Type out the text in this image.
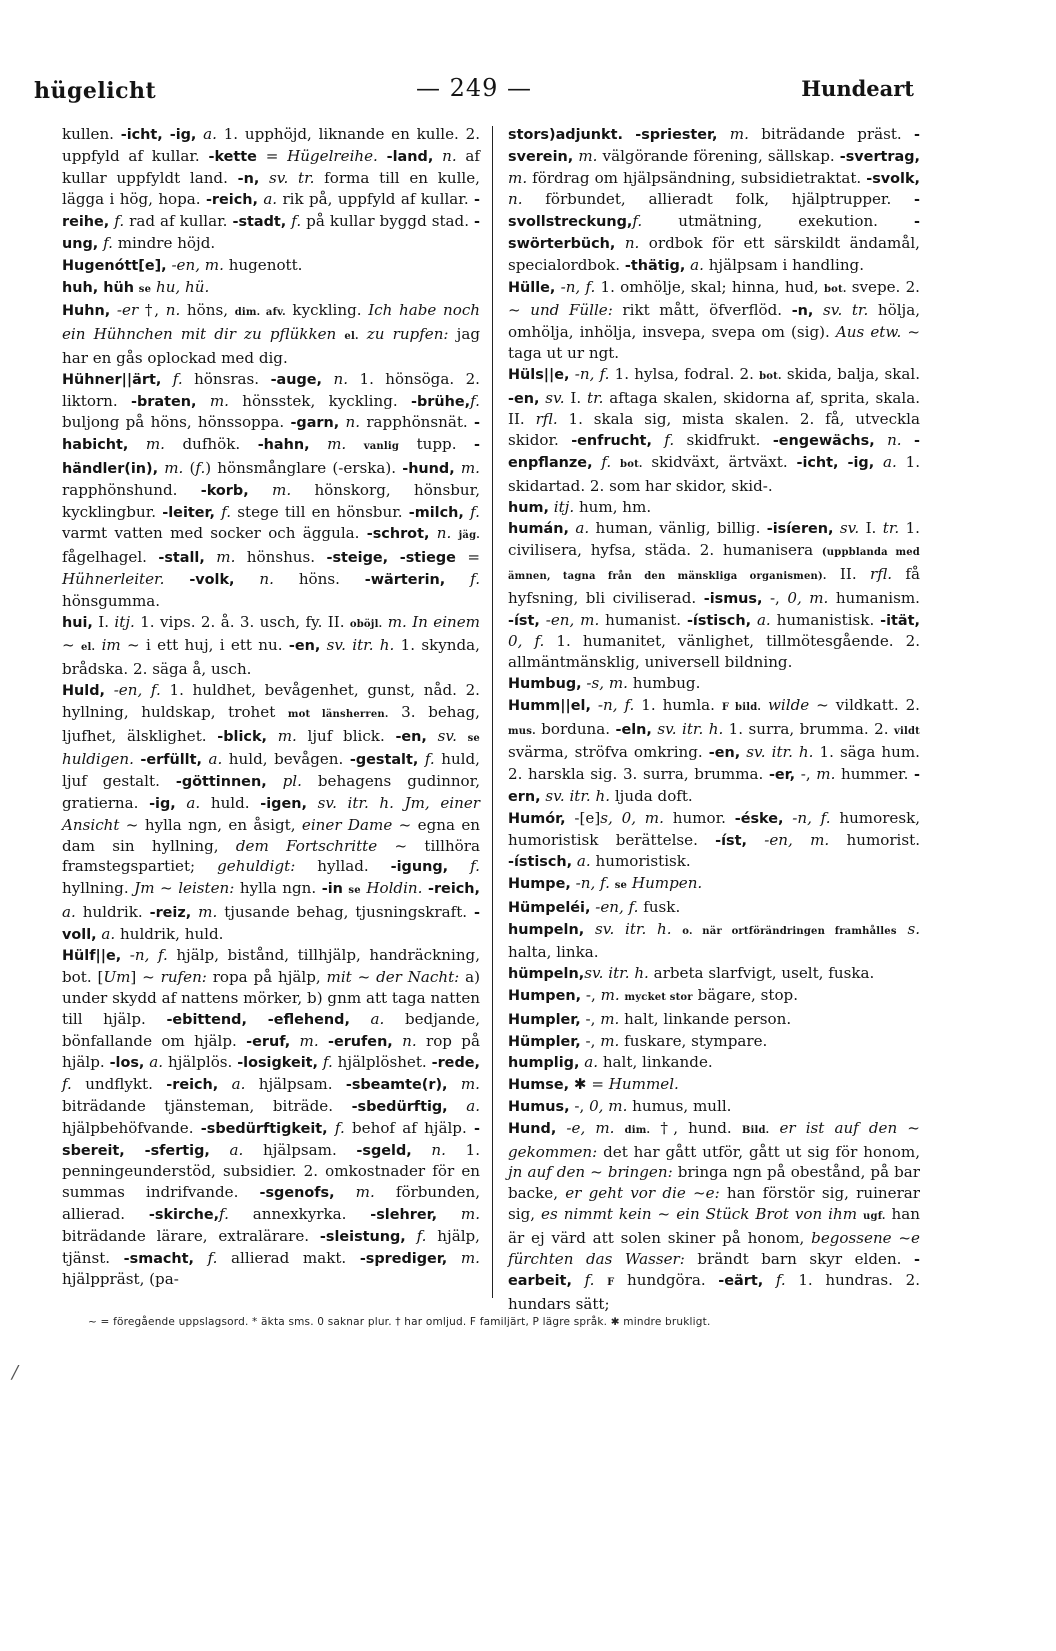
hügelicht	— 249 —	Hundeart

kullen. -icht, -ig, a. 1. upphöjd, liknande en kulle. 2. uppfyld af kullar. -kette = Hügelreihe. -land, n. af kullar uppfyldt land. -n, sv. tr. forma till en kulle, lägga i hög, hopa. -reich, a. rik på, uppfyld af kullar. -reihe, f. rad af kullar. -stadt, f. på kullar byggd stad. -ung, f. mindre höjd.

Hugenótt[e], -en, m. hugenott.

huh, hüh se hu, hü.

Huhn, -er †, n. höns, dim. afv. kyckling. Ich habe noch ein Hühnchen mit dir zu pflükken el. zu rupfen: jag har en gås oplockad med dig.

Hühner||ärt, f. hönsras. -auge, n. 1. hönsöga. 2. liktorn. -braten, m. hönsstek, kyckling. -brühe,f. buljong på höns, hönssoppa. -garn, n. rapphönsnät. -habicht, m. dufhök. -hahn, m. vanlig tupp. -händler(in), m. (f.) hönsmånglare (-erska). -hund, m. rapphönshund. -korb, m. hönskorg, hönsbur, kycklingbur. -leiter, f. stege till en hönsbur. -milch, f. varmt vatten med socker och äggula. -schrot, n. jäg. fågelhagel. -stall, m. hönshus. -steige, -stiege = Hühnerleiter. -volk, n. höns. -wärterin, f. hönsgumma.

hui, I. itj. 1. vips. 2. å. 3. usch, fy. II. oböjl. m. In einem ~ el. im ~ i ett huj, i ett nu. -en, sv. itr. h. 1. skynda, brådska. 2. säga å, usch.

Huld, -en, f. 1. huldhet, bevågenhet, gunst, nåd. 2. hyllning, huldskap, trohet mot länsherren. 3. behag, ljufhet, älsklighet. -blick, m. ljuf blick. -en, sv. se huldigen. -erfüllt, a. huld, bevågen. -gestalt, f. huld, ljuf gestalt. -göttinnen, pl. behagens gudinnor, gratierna. -ig, a. huld. -igen, sv. itr. h. Jm, einer Ansicht ~ hylla ngn, en åsigt, einer Dame ~ egna en dam sin hyllning, dem Fortschritte ~ tillhöra framstegspartiet; gehuldigt: hyllad. -igung, f. hyllning. Jm ~ leisten: hylla ngn. -in se Holdin. -reich, a. huldrik. -reiz, m. tjusande behag, tjusningskraft. -voll, a. huldrik, huld.

Hülf||e, -n, f. hjälp, bistånd, tillhjälp, handräckning, bot. [Um] ~ rufen: ropa på hjälp, mit ~ der Nacht: a) under skydd af nattens mörker, b) gnm att taga natten till hjälp. -ebittend, -eflehend, a. bedjande, bönfallande om hjälp. -eruf, m. -erufen, n. rop på hjälp. -los, a. hjälplös. -losigkeit, f. hjälplöshet. -rede, f. undflykt. -reich, a. hjälpsam. -sbeamte(r), m. biträdande tjänsteman, biträde. -sbedürftig, a. hjälpbehöfvande. -sbedürftigkeit, f. behof af hjälp. -sbereit, -sfertig, a. hjälpsam. -sgeld, n. 1. penningeunderstöd, subsidier. 2. omkostnader för en summas indrifvande. -sgenofs, m. förbunden, allierad. -skirche,f. annexkyrka. -slehrer, m. biträdande lärare, extralärare. -sleistung, f. hjälp, tjänst. -smacht, f. allierad makt. -sprediger, m. hjälppräst, (pa-

stors)adjunkt. -spriester, m. biträdande präst. -sverein, m. välgörande förening, sällskap. -svertrag, m. fördrag om hjälpsändning, subsidietraktat. -svolk, n. förbundet, allieradt folk, hjälptrupper. -svollstreckung,f. utmätning, exekution. -swörterbüch, n. ordbok för ett särskildt ändamål, specialordbok. -thätig, a. hjälpsam i handling.

Hülle, -n, f. 1. omhölje, skal; hinna, hud, bot. svepe. 2. ~ und Fülle: rikt mått, öfverflöd. -n, sv. tr. hölja, omhölja, inhölja, insvepa, svepa om (sig). Aus etw. ~ taga ut ur ngt.

Hüls||e, -n, f. 1. hylsa, fodral. 2. bot. skida, balja, skal. -en, sv. I. tr. aftaga skalen, skidorna af, sprita, skala. II. rfl. 1. skala sig, mista skalen. 2. få, utveckla skidor. -enfrucht, f. skidfrukt. -engewächs, n. -enpflanze, f. bot. skidväxt, ärtväxt. -icht, -ig, a. 1. skidartad. 2. som har skidor, skid-.

hum, itj. hum, hm.

humán, a. human, vänlig, billig. -isíeren, sv. I. tr. 1. civilisera, hyfsa, städa. 2. humanisera (uppblanda med ämnen, tagna från den mänskliga organismen). II. rfl. få hyfsning, bli civiliserad. -ismus, -, 0, m. humanism. -íst, -en, m. humanist. -ístisch, a. humanistisk. -ität, 0, f. 1. humanitet, vänlighet, tillmötesgående. 2. allmäntmänsklig, universell bildning.

Humbug, -s, m. humbug.

Humm||el, -n, f. 1. humla. F bild. wilde ~ vildkatt. 2. mus. borduna. -eln, sv. itr. h. 1. surra, brumma. 2. vildt svärma, ströfva omkring. -en, sv. itr. h. 1. säga hum. 2. harskla sig. 3. surra, brumma. -er, -, m. hummer. -ern, sv. itr. h. ljuda doft.

Humór, -[e]s, 0, m. humor. -éske, -n, f. humoresk, humoristisk berättelse. -íst, -en, m. humorist. -ístisch, a. humoristisk.

Humpe, -n, f. se Humpen.

Hümpeléi, -en, f. fusk.

humpeln, sv. itr. h. o. när ortförändringen framhålles s. halta, linka.

hümpeln,sv. itr. h. arbeta slarfvigt, uselt, fuska.

Humpen, -, m. mycket stor bägare, stop.

Humpler, -, m. halt, linkande person.

Hümpler, -, m. fuskare, stympare.

humplig, a. halt, linkande.

Humse, ✱ = Hummel.

Humus, -, 0, m. humus, mull.

Hund, -e, m. dim. †, hund. Bild. er ist auf den ~ gekommen: det har gått utför, gått ut sig för honom, jn auf den ~ bringen: bringa ngn på obestånd, på bar backe, er geht vor die ~e: han förstör sig, ruinerar sig, es nimmt kein ~ ein Stück Brot von ihm ugf. han är ej värd att solen skiner på honom, begossene ~e fürchten das Wasser: brändt barn skyr elden. -earbeit, f. F hundgöra. -eärt, f. 1. hundras. 2. hundars sätt;

~ = föregående uppslagsord. * äkta sms. 0 saknar plur. † har omljud. F familjärt, P lägre språk. ✱ mindre brukligt.
/
